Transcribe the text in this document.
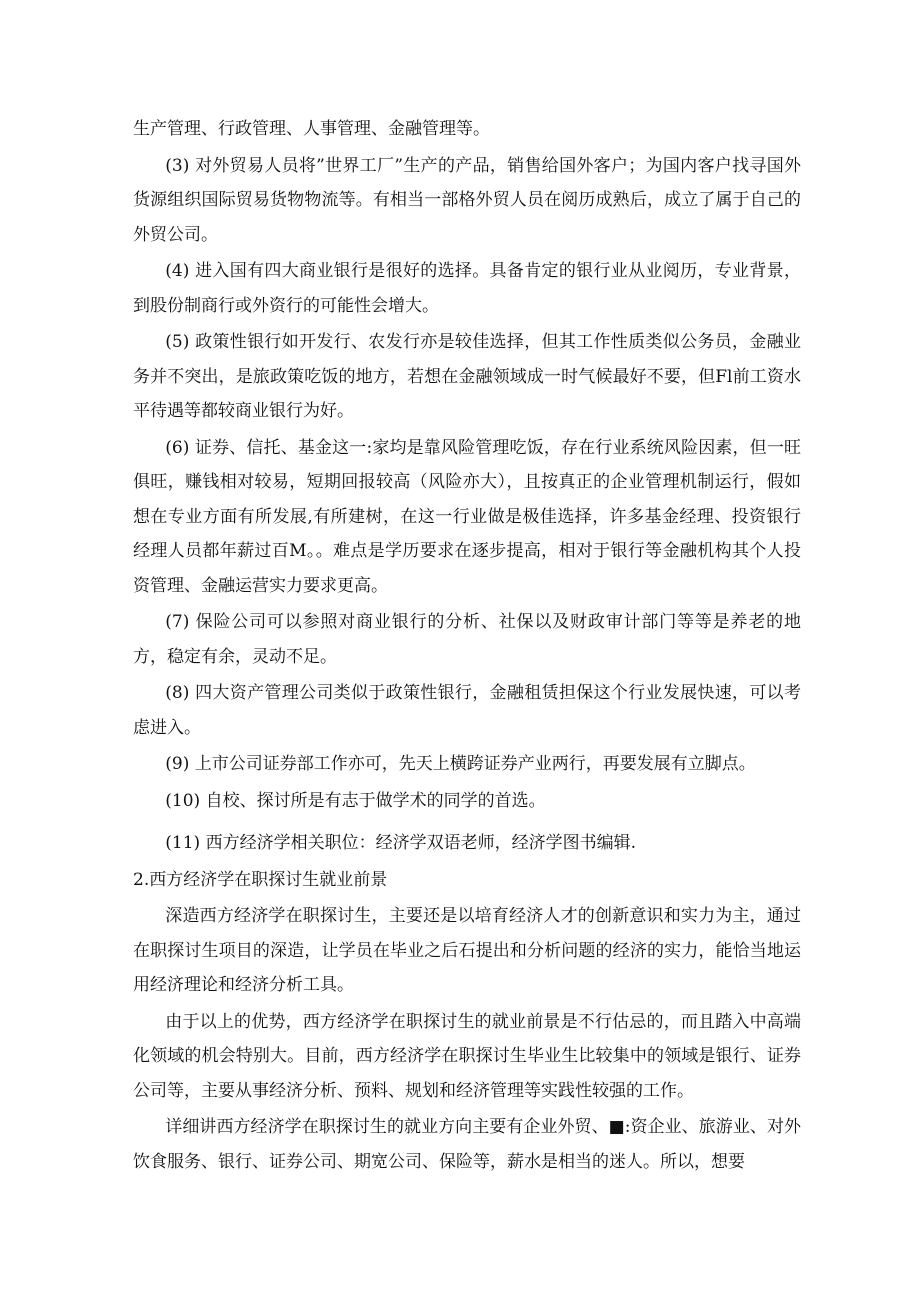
生产管理、行政管理、人事管理、金融管理等。

(3) 对外贸易人员将”世界工厂”生产的产品，销售给国外客户；为国内客户找寻国外货源组织国际贸易货物物流等。有相当一部格外贸人员在阅历成熟后，成立了属于自己的外贸公司。

(4) 进入国有四大商业银行是很好的选择。具备肯定的银行业从业阅历，专业背景，到股份制商行或外资行的可能性会增大。

(5) 政策性银行如开发行、农发行亦是较佳选择，但其工作性质类似公务员，金融业务并不突出，是旅政策吃饭的地方，若想在金融领域成一时气候最好不要，但Fl前工资水平待遇等都较商业银行为好。

(6) 证券、信托、基金这一:家均是靠风险管理吃饭，存在行业系统风险因素，但一旺俱旺，赚钱相对较易，短期回报较高（风险亦大），且按真正的企业管理机制运行，假如想在专业方面有所发展,有所建树，在这一行业做是极佳选择，许多基金经理、投资银行经理人员都年薪过百M。。难点是学历要求在逐步提高，相对于银行等金融机构其个人投资管理、金融运营实力要求更高。

(7) 保险公司可以参照对商业银行的分析、社保以及财政审计部门等等是养老的地方，稳定有余，灵动不足。

(8) 四大资产管理公司类似于政策性银行，金融租赁担保这个行业发展快速，可以考虑进入。

(9) 上市公司证券部工作亦可，先天上横跨证券产业两行，再要发展有立脚点。

(10) 自校、探讨所是有志于做学术的同学的首选。

(11) 西方经济学相关职位：经济学双语老师，经济学图书编辑.

2.西方经济学在职探讨生就业前景

深造西方经济学在职探讨生，主要还是以培育经济人才的创新意识和实力为主，通过在职探讨生项目的深造，让学员在毕业之后石提出和分析问题的经济的实力，能恰当地运用经济理论和经济分析工具。

由于以上的优势，西方经济学在职探讨生的就业前景是不行估忌的，而且踏入中高端化领域的机会特别大。目前，西方经济学在职探讨生毕业生比较集中的领域是银行、证券公司等，主要从事经济分析、预料、规划和经济管理等实践性较强的工作。

详细讲西方经济学在职探讨生的就业方向主要有企业外贸、■:资企业、旅游业、对外饮食服务、银行、证券公司、期宽公司、保险等，薪水是相当的迷人。所以，想要
